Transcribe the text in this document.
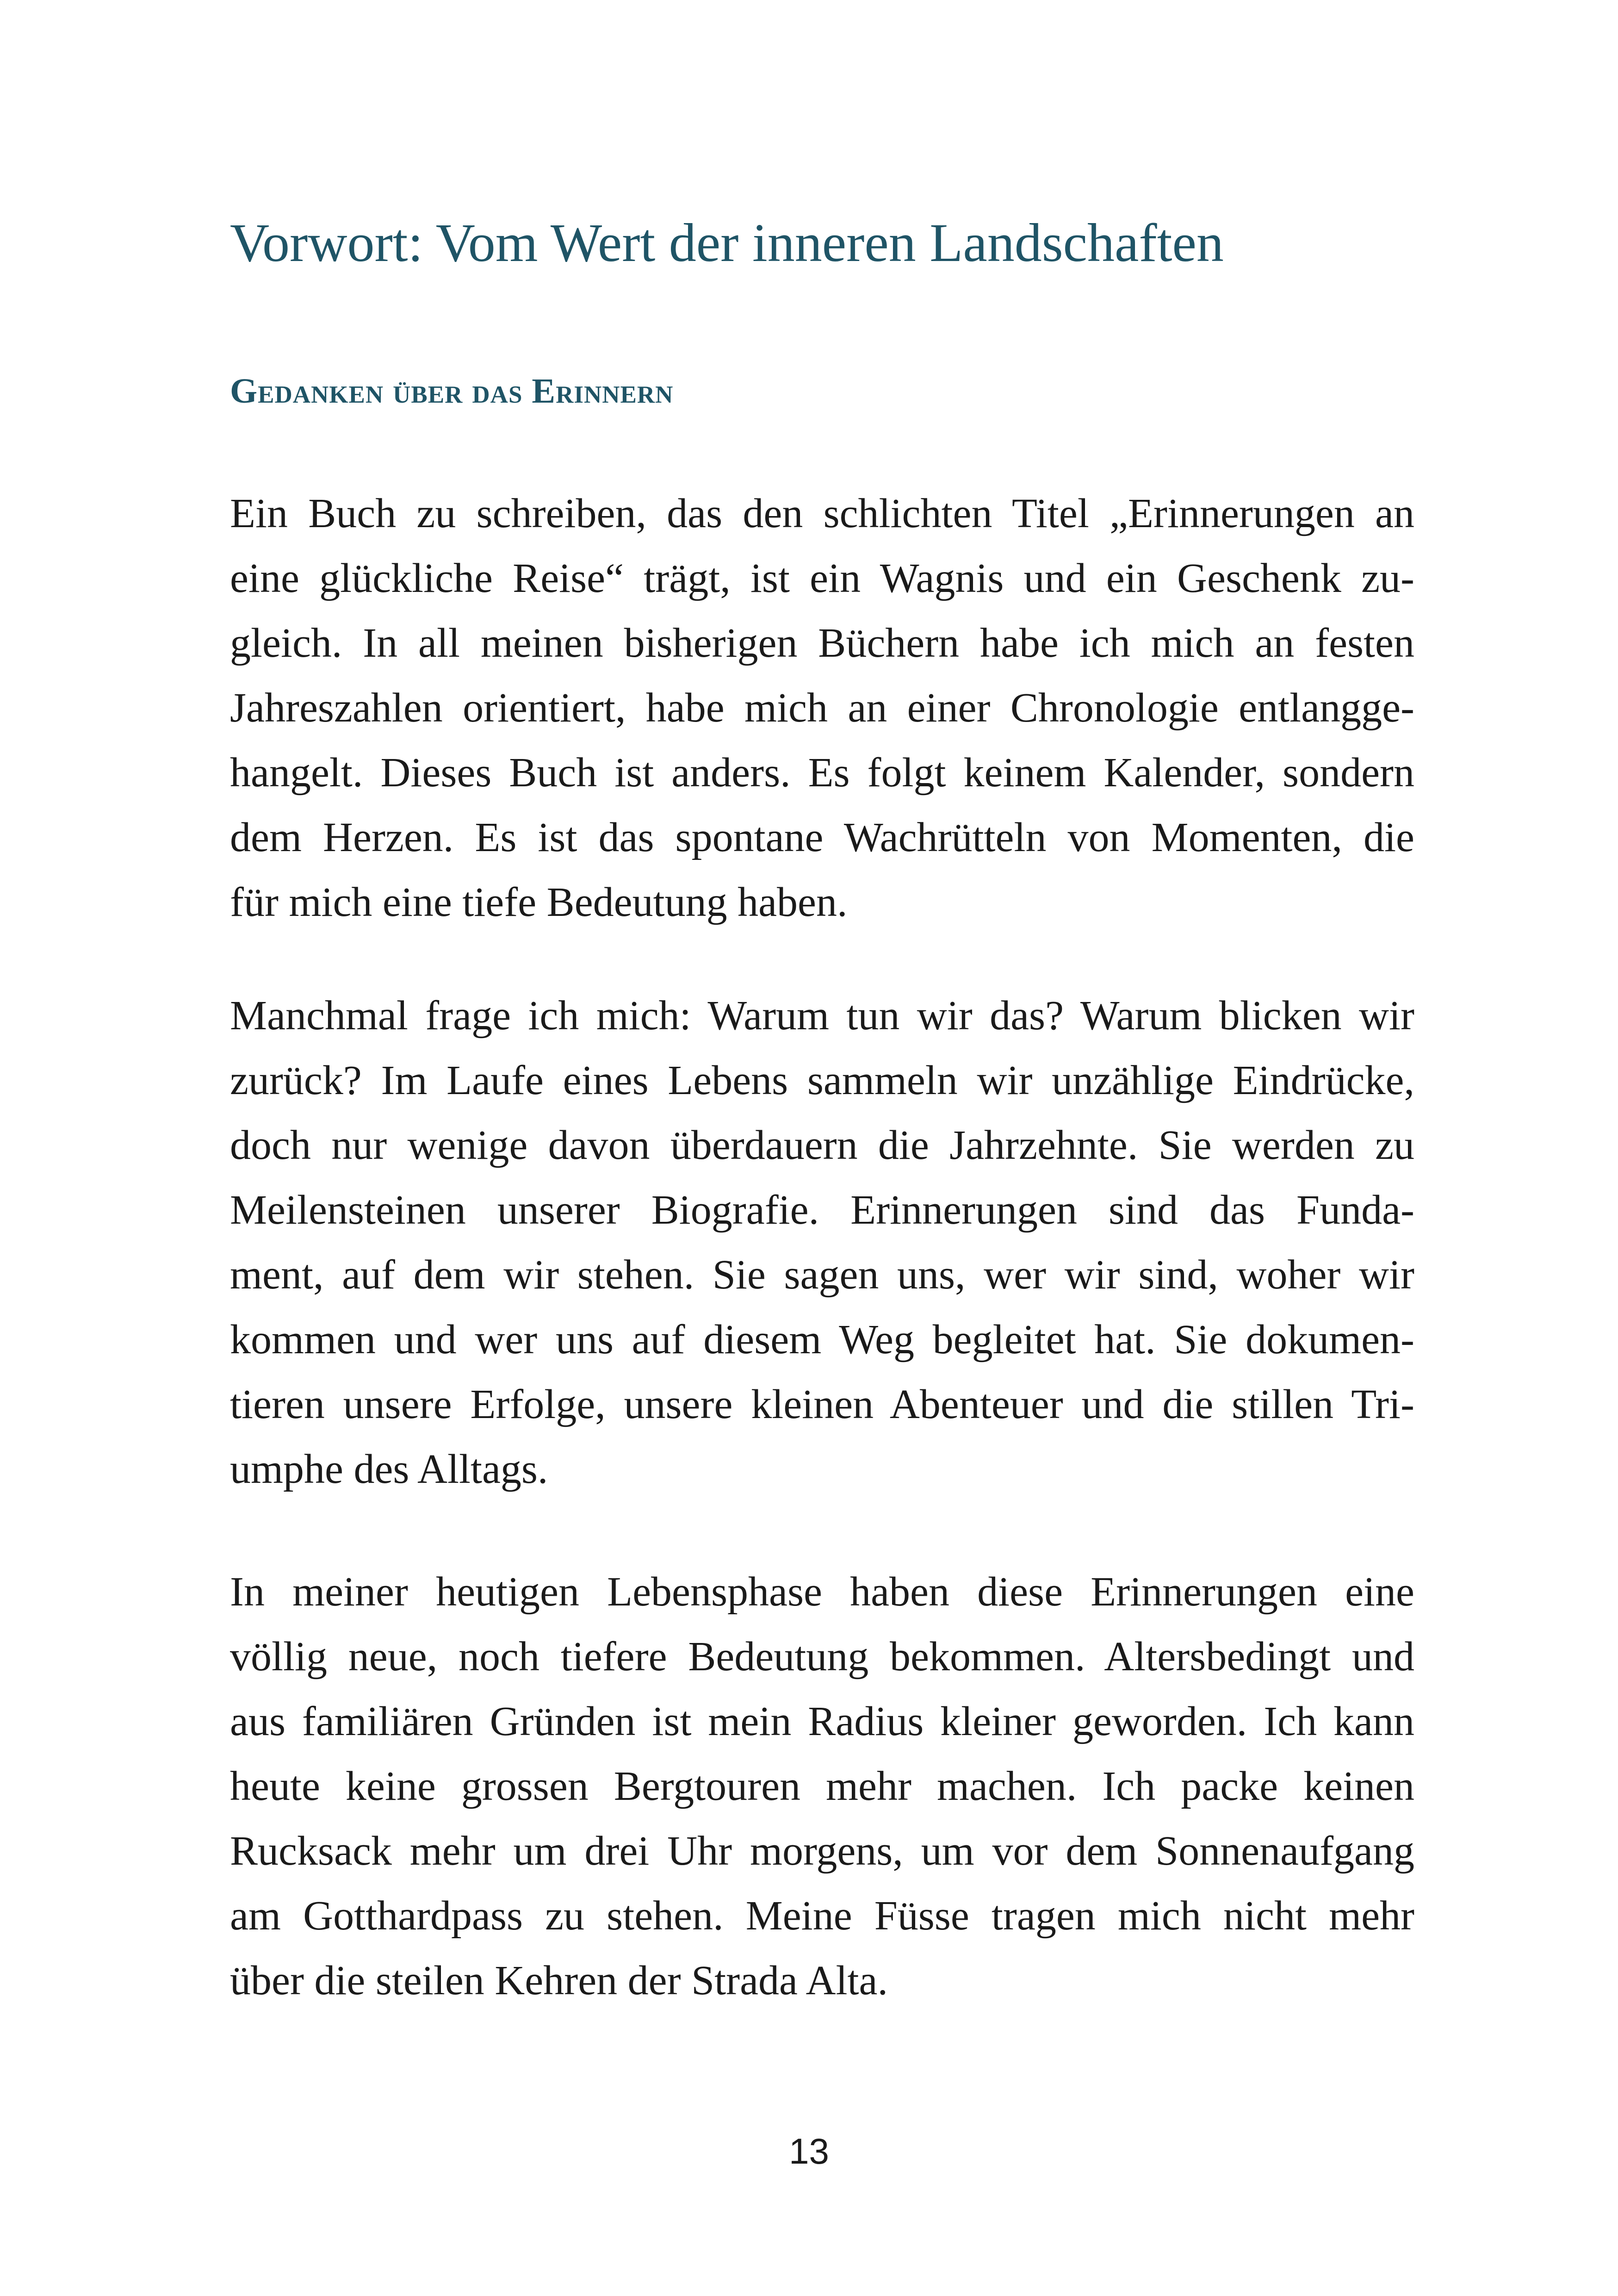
Vorwort: Vom Wert der inneren Landschaften
Gedanken über das Erinnern

Ein Buch zu schreiben, das den schlichten Titel „Erinnerungen an
eine glückliche Reise“ trägt, ist ein Wagnis und ein Geschenk zu-
gleich. In all meinen bisherigen Büchern habe ich mich an festen
Jahreszahlen orientiert, habe mich an einer Chronologie entlangge-
hangelt. Dieses Buch ist anders. Es folgt keinem Kalender, sondern
dem Herzen. Es ist das spontane Wachrütteln von Momenten, die
für mich eine tiefe Bedeutung haben.

Manchmal frage ich mich: Warum tun wir das? Warum blicken wir
zurück? Im Laufe eines Lebens sammeln wir unzählige Eindrücke,
doch nur wenige davon überdauern die Jahrzehnte. Sie werden zu
Meilensteinen unserer Biografie. Erinnerungen sind das Funda-
ment, auf dem wir stehen. Sie sagen uns, wer wir sind, woher wir
kommen und wer uns auf diesem Weg begleitet hat. Sie dokumen-
tieren unsere Erfolge, unsere kleinen Abenteuer und die stillen Tri-
umphe des Alltags.

In meiner heutigen Lebensphase haben diese Erinnerungen eine
völlig neue, noch tiefere Bedeutung bekommen. Altersbedingt und
aus familiären Gründen ist mein Radius kleiner geworden. Ich kann
heute keine grossen Bergtouren mehr machen. Ich packe keinen
Rucksack mehr um drei Uhr morgens, um vor dem Sonnenaufgang
am Gotthardpass zu stehen. Meine Füsse tragen mich nicht mehr
über die steilen Kehren der Strada Alta.

13
